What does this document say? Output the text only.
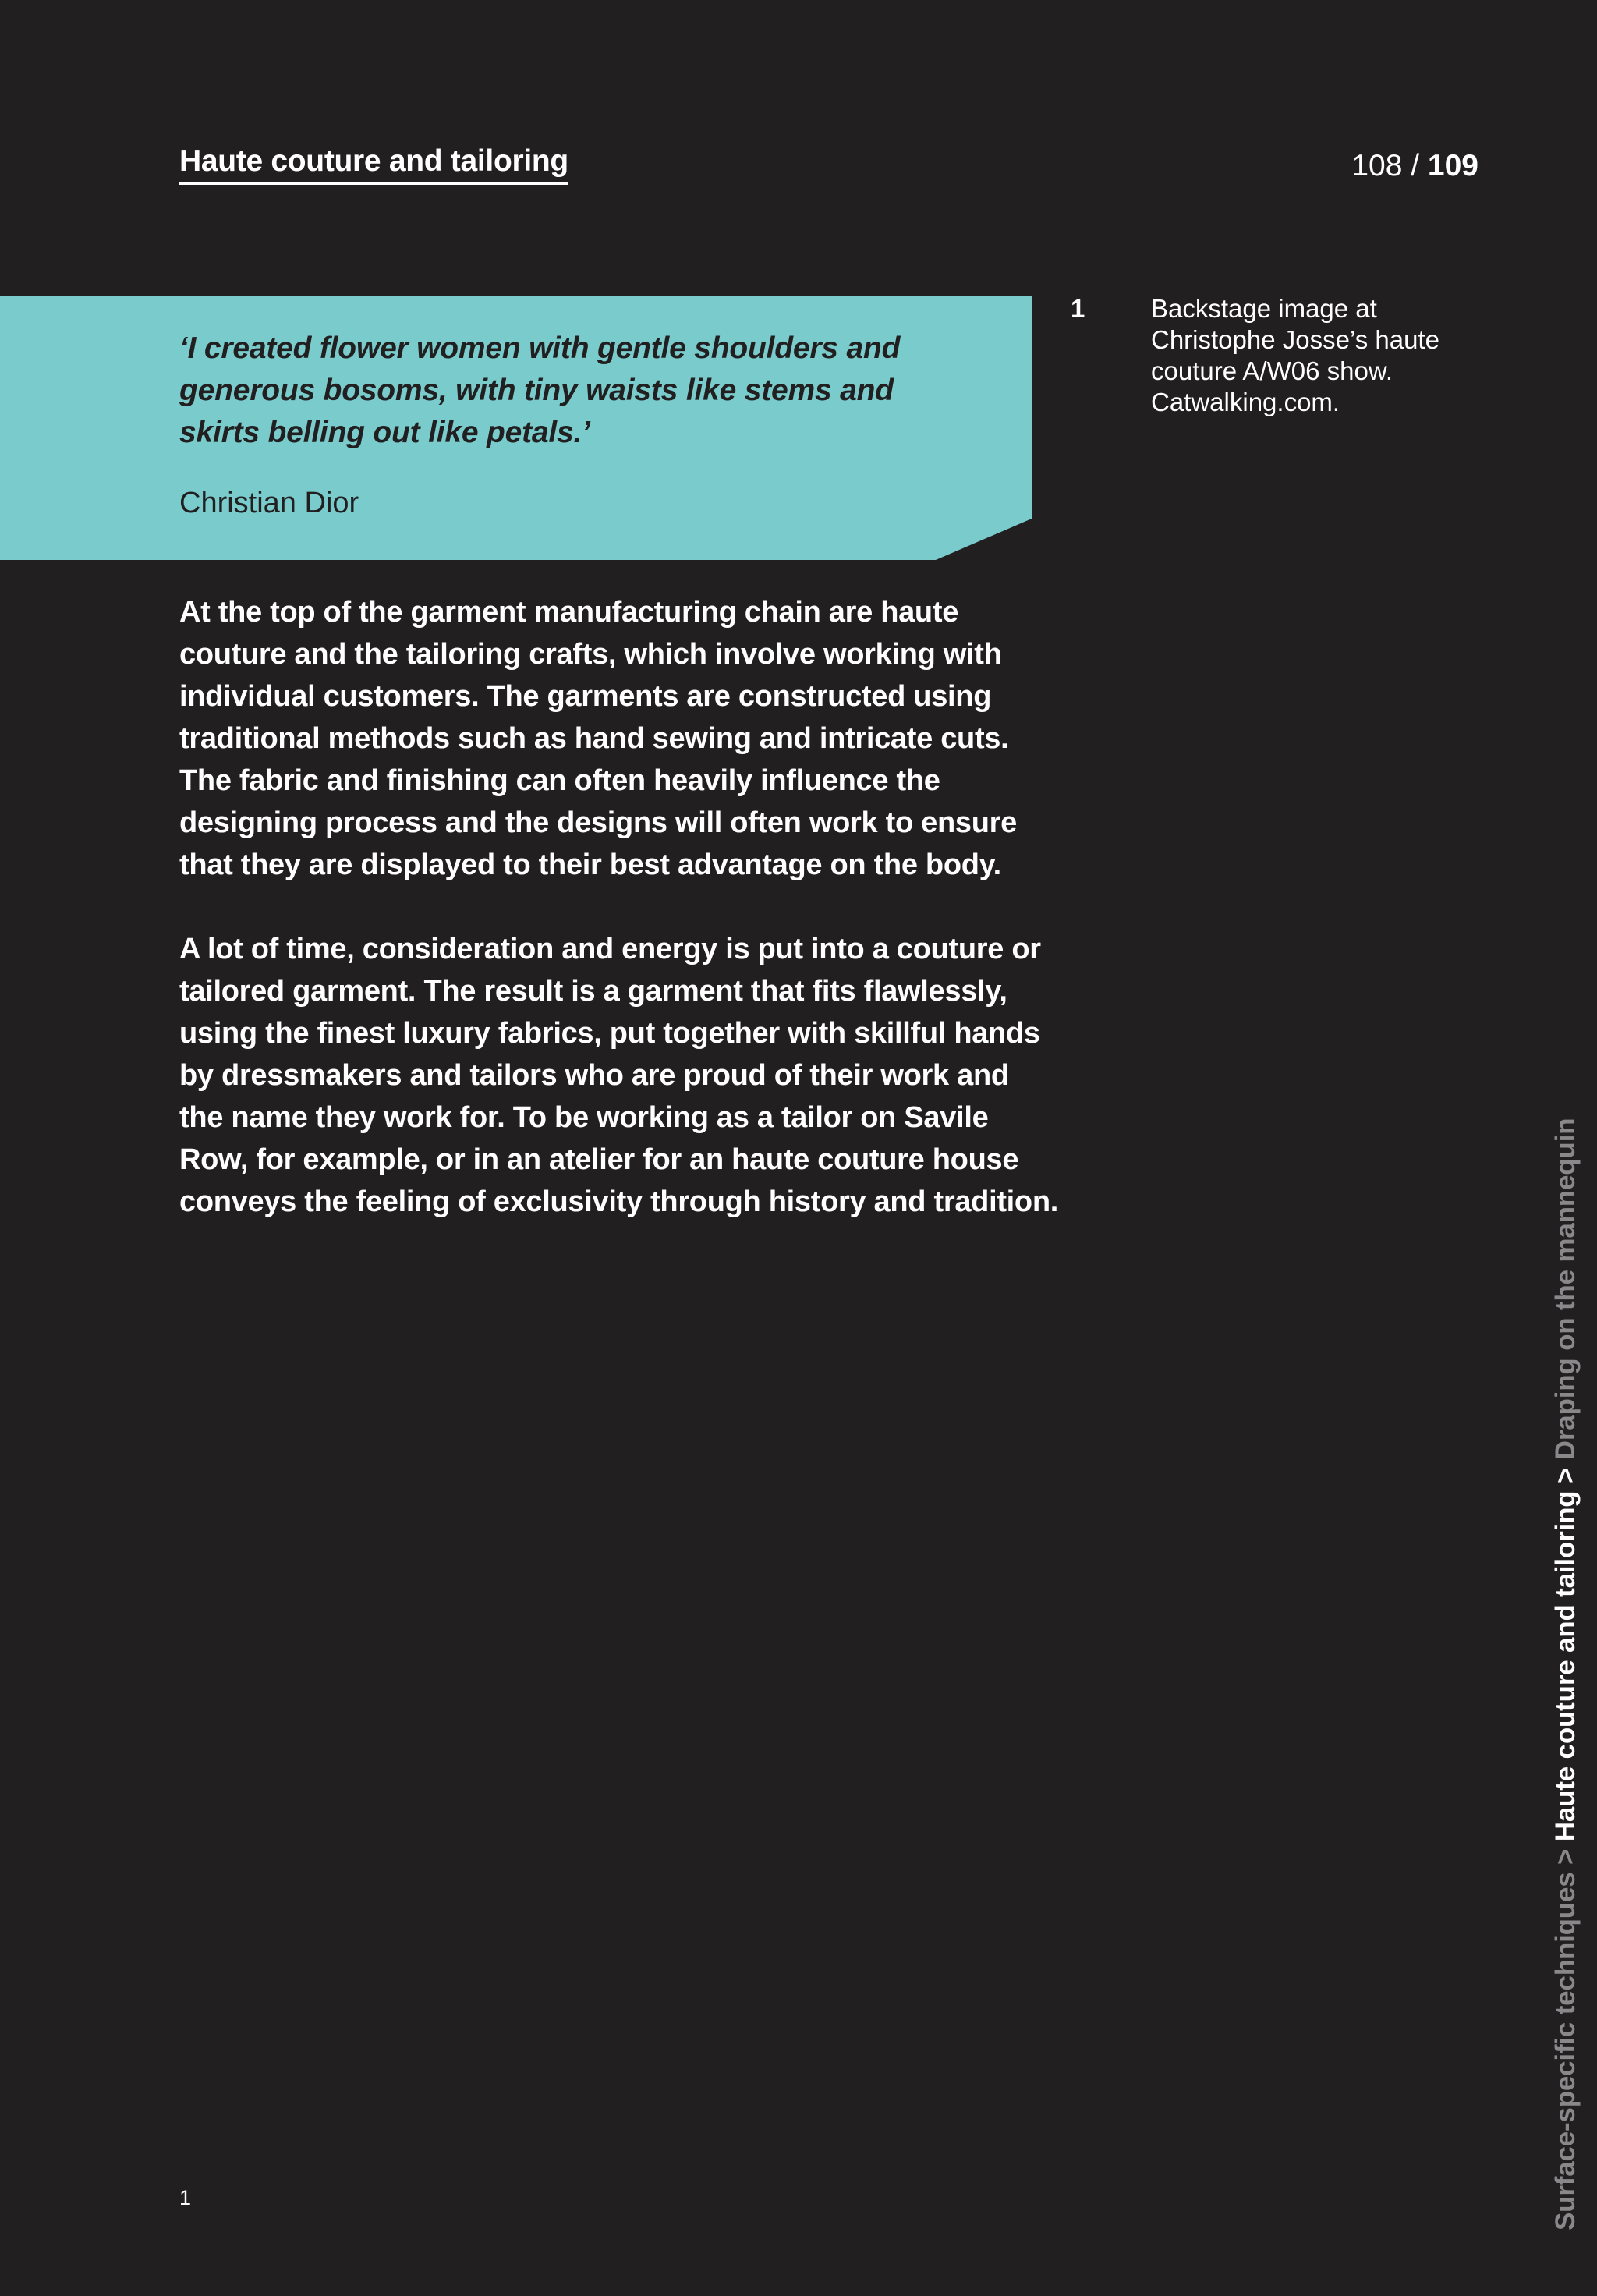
Haute couture and tailoring	108 / 109
‘I created flower women with gentle shoulders and generous bosoms, with tiny waists like stems and skirts belling out like petals.’
Christian Dior
1	Backstage image at Christophe Josse’s haute couture A/W06 show. Catwalking.com.

At the top of the garment manufacturing chain are haute couture and the tailoring crafts, which involve working with individual customers. The garments are constructed using traditional methods such as hand sewing and intricate cuts. The fabric and finishing can often heavily influence the designing process and the designs will often work to ensure that they are displayed to their best advantage on the body.

A lot of time, consideration and energy is put into a couture or tailored garment. The result is a garment that fits flawlessly, using the finest luxury fabrics, put together with skillful hands by dressmakers and tailors who are proud of their work and the name they work for. To be working as a tailor on Savile Row, for example, or in an atelier for an haute couture house conveys the feeling of exclusivity through history and tradition.

1	Surface-specific techniques > Haute couture and tailoring > Draping on the mannequin
